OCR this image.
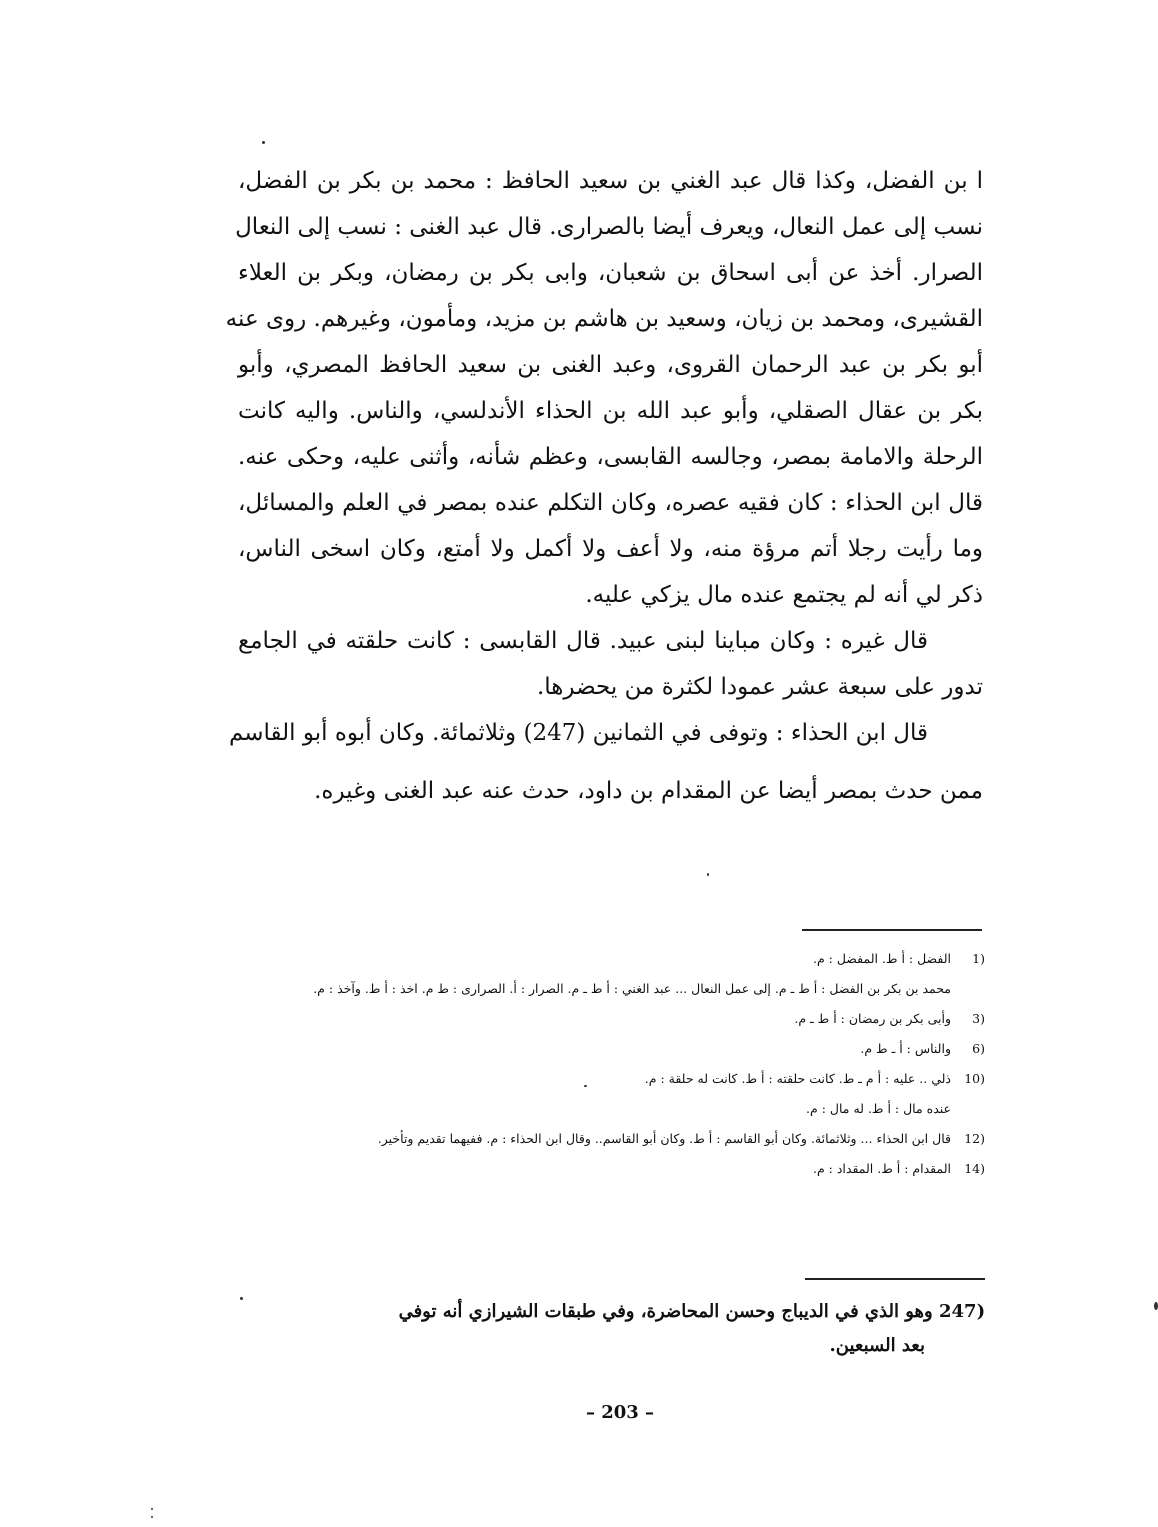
ا بن الفضل، وكذا قال عبد الغني بن سعيد الحافظ : محمد بن بكر بن الفضل،
نسب إلى عمل النعال، ويعرف أيضا بالصرارى. قال عبد الغنى : نسب إلى النعال
الصرار. أخذ عن أبى اسحاق بن شعبان، وابى بكر بن رمضان، وبكر بن العلاء
القشيرى، ومحمد بن زيان، وسعيد بن هاشم بن مزيد، ومأمون، وغيرهم. روى عنه
أبو بكر بن عبد الرحمان القروى، وعبد الغنى بن سعيد الحافظ المصري، وأبو
بكر بن عقال الصقلي، وأبو عبد الله بن الحذاء الأندلسي، والناس. واليه كانت
الرحلة والامامة بمصر، وجالسه القابسى، وعظم شأنه، وأثنى عليه، وحكى عنه.
قال ابن الحذاء : كان فقيه عصره، وكان التكلم عنده بمصر في العلم والمسائل،
وما رأيت رجلا أتم مرؤة منه، ولا أعف ولا أكمل ولا أمتع، وكان اسخى الناس،
ذكر لي أنه لم يجتمع عنده مال يزكي عليه.
قال غيره : وكان مباينا لبنى عبيد. قال القابسى : كانت حلقته في الجامع
تدور على سبعة عشر عمودا لكثرة من يحضرها.
قال ابن الحذاء : وتوفى في الثمانين (247) وثلاثمائة. وكان أبوه أبو القاسم
ممن حدث بمصر أيضا عن المقدام بن داود، حدث عنه عبد الغنى وغيره.
1)
الفضل : أ ط. المفضل : م.
محمد بن بكر بن الفضل : أ ط ـ م. إلى عمل النعال ... عبد الغني : أ ط ـ م. الصرار : أ. الصرارى : ط م. اخذ : أ ط. وآخذ : م.
3)
وأبى بكر بن رمضان : أ ط ـ م.
6)
والناس : أ ـ ط م.
10)
ذلي .. عليه : أ م ـ ط. كانت حلقته : أ ط. كانت له حلقة : م.
عنده مال : أ ط. له مال : م.
12)
قال ابن الحذاء ... وثلاثمائة. وكان أبو القاسم : أ ط. وكان أبو القاسم.. وقال ابن الحذاء : م. ففيهما تقديم وتأخير.
14)
المقدام : أ ط. المقداد : م.
247) وهو الذي في الديباج وحسن المحاضرة، وفي طبقات الشيرازي أنه توفي
بعد السبعين.
– 203 –
